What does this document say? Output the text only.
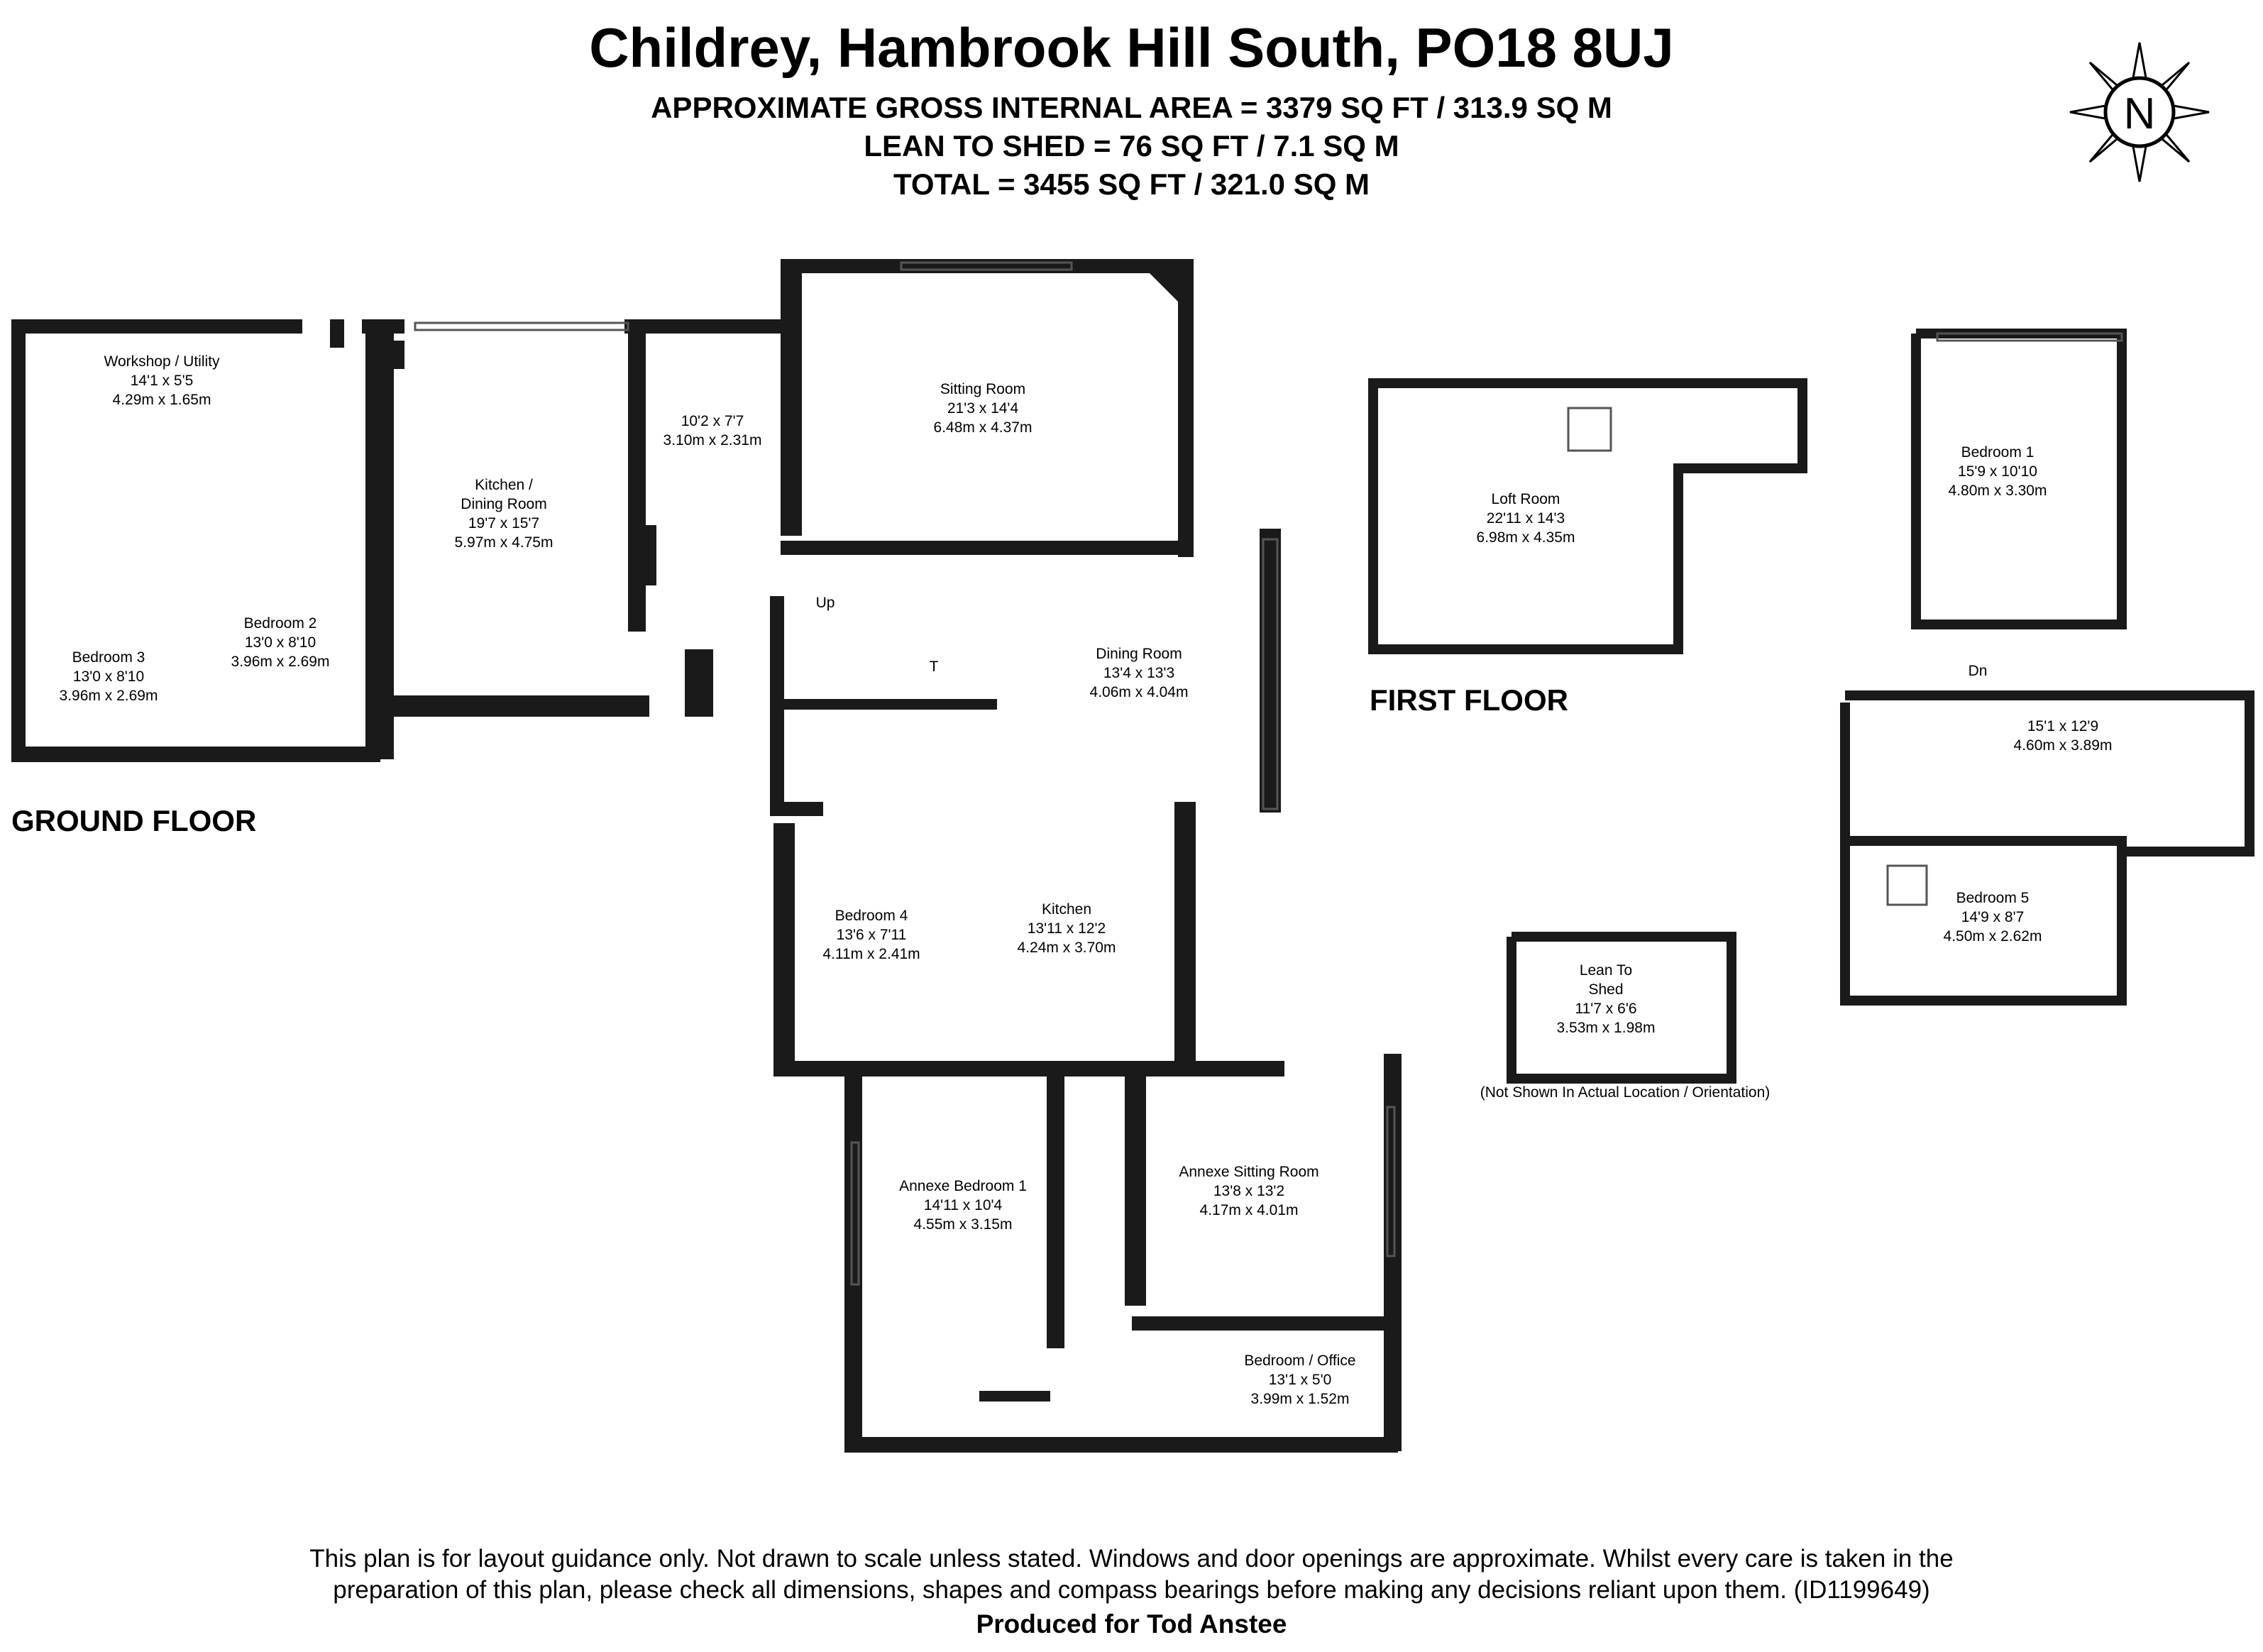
Childrey, Hambrook Hill South, PO18 8UJ
APPROXIMATE GROSS INTERNAL AREA = 3379 SQ FT / 313.9 SQ M
LEAN TO SHED = 76 SQ FT / 7.1 SQ M
TOTAL = 3455 SQ FT / 321.0 SQ M
N
Workshop / Utility
14'1 x 5'5
4.29m x 1.65m
Bedroom 3
13'0 x 8'10
3.96m x 2.69m
Bedroom 2
13'0 x 8'10
3.96m x 2.69m
Kitchen /
Dining Room
19'7 x 15'7
5.97m x 4.75m
10'2 x 7'7
3.10m x 2.31m
Sitting Room
21'3 x 14'4
6.48m x 4.37m
Dining Room
13'4 x 13'3
4.06m x 4.04m
Bedroom 4
13'6 x 7'11
4.11m x 2.41m
Kitchen
13'11 x 12'2
4.24m x 3.70m
Annexe Bedroom 1
14'11 x 10'4
4.55m x 3.15m
Annexe Sitting Room
13'8 x 13'2
4.17m x 4.01m
Bedroom / Office
13'1 x 5'0
3.99m x 1.52m
Loft Room
22'11 x 14'3
6.98m x 4.35m
Bedroom 1
15'9 x 10'10
4.80m x 3.30m
15'1 x 12'9
4.60m x 3.89m
Bedroom 5
14'9 x 8'7
4.50m x 2.62m
Lean To
Shed
11'7 x 6'6
3.53m x 1.98m
Up
Dn
T
(Not Shown In Actual Location / Orientation)
GROUND FLOOR
FIRST FLOOR
This plan is for layout guidance only. Not drawn to scale unless stated. Windows and door openings are approximate. Whilst every care is taken in the
preparation of this plan, please check all dimensions, shapes and compass bearings before making any decisions reliant upon them. (ID1199649)
Produced for Tod Anstee
